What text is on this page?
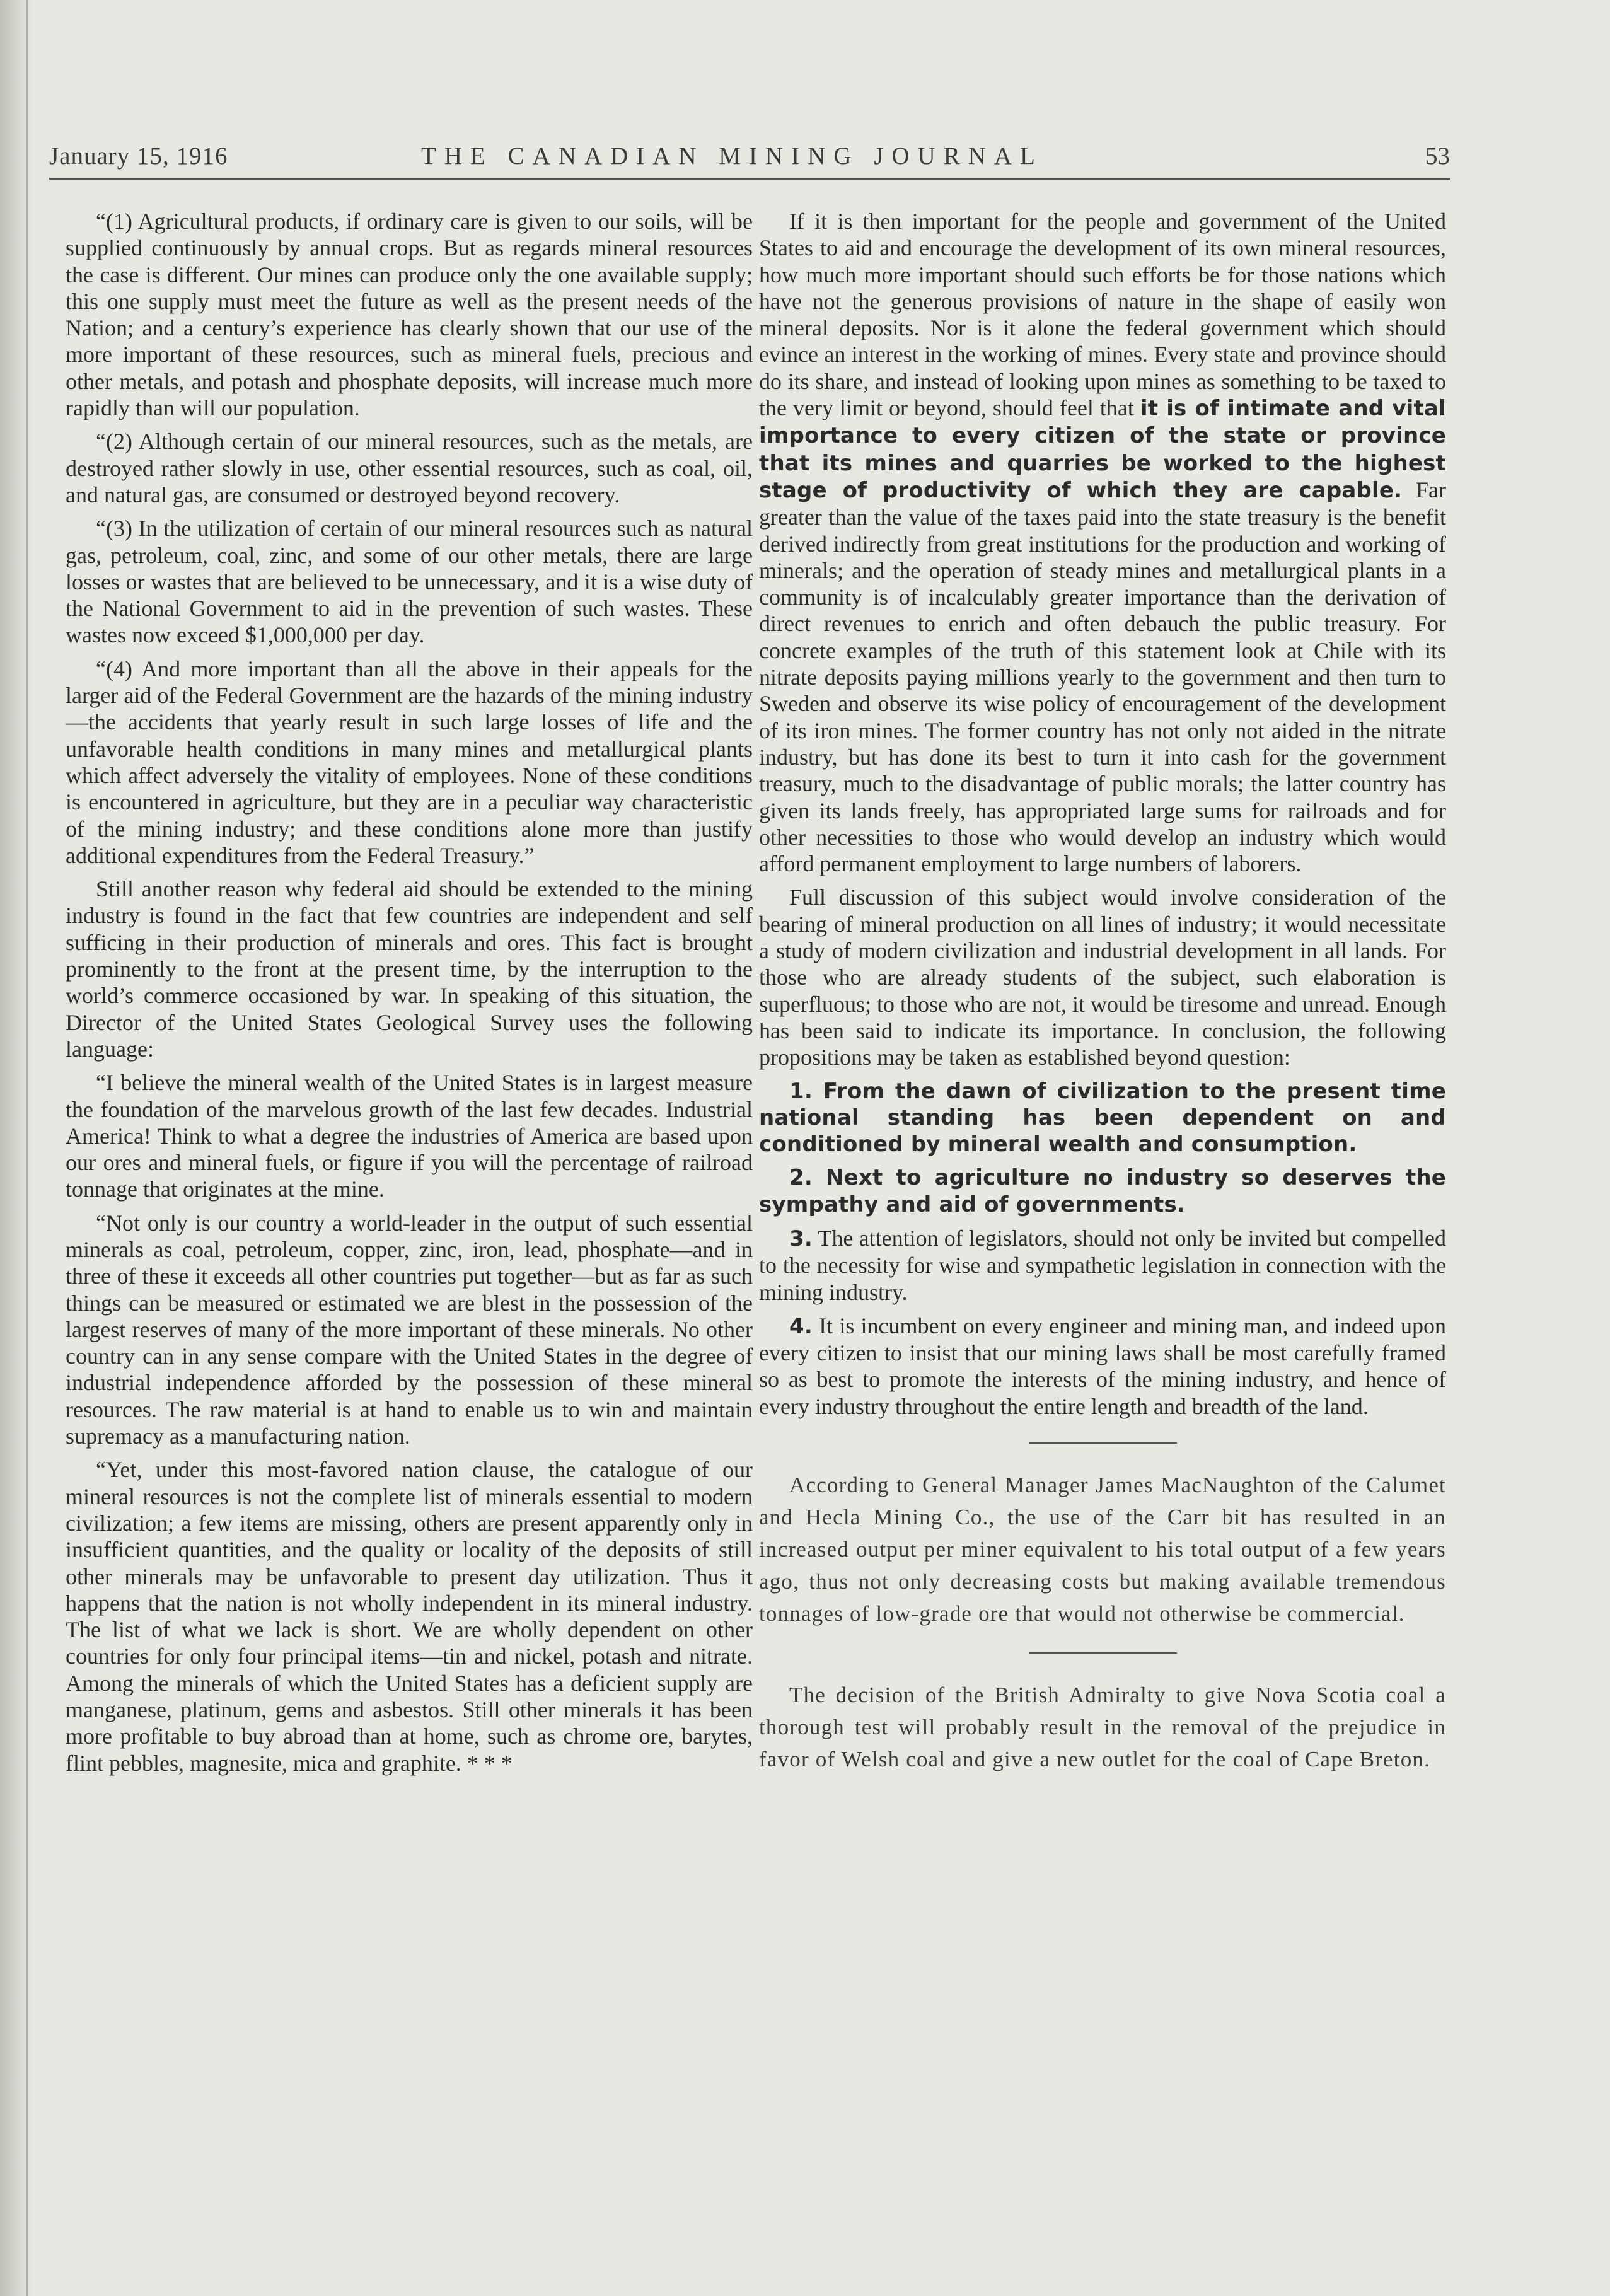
January 15, 1916	THE CANADIAN MINING JOURNAL	53

“(1) Agricultural products, if ordinary care is given to our soils, will be supplied continuously by annual crops. But as regards mineral resources the case is different. Our mines can produce only the one available supply; this one supply must meet the future as well as the present needs of the Nation; and a century’s experience has clearly shown that our use of the more important of these resources, such as mineral fuels, precious and other metals, and potash and phosphate deposits, will increase much more rapidly than will our population.

“(2) Although certain of our mineral resources, such as the metals, are destroyed rather slowly in use, other essential resources, such as coal, oil, and natural gas, are consumed or destroyed beyond recovery.

“(3) In the utilization of certain of our mineral resources such as natural gas, petroleum, coal, zinc, and some of our other metals, there are large losses or wastes that are believed to be unnecessary, and it is a wise duty of the National Government to aid in the prevention of such wastes. These wastes now exceed $1,000,000 per day.

“(4) And more important than all the above in their appeals for the larger aid of the Federal Government are the hazards of the mining industry—the accidents that yearly result in such large losses of life and the unfavorable health conditions in many mines and metallurgical plants which affect adversely the vitality of employees. None of these conditions is encountered in agriculture, but they are in a peculiar way characteristic of the mining industry; and these conditions alone more than justify additional expenditures from the Federal Treasury.”

Still another reason why federal aid should be extended to the mining industry is found in the fact that few countries are independent and self sufficing in their production of minerals and ores. This fact is brought prominently to the front at the present time, by the interruption to the world’s commerce occasioned by war. In speaking of this situation, the Director of the United States Geological Survey uses the following language:

“I believe the mineral wealth of the United States is in largest measure the foundation of the marvelous growth of the last few decades. Industrial America! Think to what a degree the industries of America are based upon our ores and mineral fuels, or figure if you will the percentage of railroad tonnage that originates at the mine.

“Not only is our country a world-leader in the output of such essential minerals as coal, petroleum, copper, zinc, iron, lead, phosphate—and in three of these it exceeds all other countries put together—but as far as such things can be measured or estimated we are blest in the possession of the largest reserves of many of the more important of these minerals. No other country can in any sense compare with the United States in the degree of industrial independence afforded by the possession of these mineral resources. The raw material is at hand to enable us to win and maintain supremacy as a manufacturing nation.

“Yet, under this most-favored nation clause, the catalogue of our mineral resources is not the complete list of minerals essential to modern civilization; a few items are missing, others are present apparently only in insufficient quantities, and the quality or locality of the deposits of still other minerals may be unfavorable to present day utilization. Thus it happens that the nation is not wholly independent in its mineral industry. The list of what we lack is short. We are wholly dependent on other countries for only four principal items—tin and nickel, potash and nitrate. Among the minerals of which the United States has a deficient supply are manganese, platinum, gems and asbestos. Still other minerals it has been more profitable to buy abroad than at home, such as chrome ore, barytes, flint pebbles, magnesite, mica and graphite. * * *

If it is then important for the people and government of the United States to aid and encourage the development of its own mineral resources, how much more important should such efforts be for those nations which have not the generous provisions of nature in the shape of easily won mineral deposits. Nor is it alone the federal government which should evince an interest in the working of mines. Every state and province should do its share, and instead of looking upon mines as something to be taxed to the very limit or beyond, should feel that it is of intimate and vital importance to every citizen of the state or province that its mines and quarries be worked to the highest stage of productivity of which they are capable. Far greater than the value of the taxes paid into the state treasury is the benefit derived indirectly from great institutions for the production and working of minerals; and the operation of steady mines and metallurgical plants in a community is of incalculably greater importance than the derivation of direct revenues to enrich and often debauch the public treasury. For concrete examples of the truth of this statement look at Chile with its nitrate deposits paying millions yearly to the government and then turn to Sweden and observe its wise policy of encouragement of the development of its iron mines. The former country has not only not aided in the nitrate industry, but has done its best to turn it into cash for the government treasury, much to the disadvantage of public morals; the latter country has given its lands freely, has appropriated large sums for railroads and for other necessities to those who would develop an industry which would afford permanent employment to large numbers of laborers.

Full discussion of this subject would involve consideration of the bearing of mineral production on all lines of industry; it would necessitate a study of modern civilization and industrial development in all lands. For those who are already students of the subject, such elaboration is superfluous; to those who are not, it would be tiresome and unread. Enough has been said to indicate its importance. In conclusion, the following propositions may be taken as established beyond question:

1. From the dawn of civilization to the present time national standing has been dependent on and conditioned by mineral wealth and consumption.

2. Next to agriculture no industry so deserves the sympathy and aid of governments.

3. The attention of legislators, should not only be invited but compelled to the necessity for wise and sympathetic legislation in connection with the mining industry.

4. It is incumbent on every engineer and mining man, and indeed upon every citizen to insist that our mining laws shall be most carefully framed so as best to promote the interests of the mining industry, and hence of every industry throughout the entire length and breadth of the land.

According to General Manager James MacNaughton of the Calumet and Hecla Mining Co., the use of the Carr bit has resulted in an increased output per miner equivalent to his total output of a few years ago, thus not only decreasing costs but making available tremendous tonnages of low-grade ore that would not otherwise be commercial.

The decision of the British Admiralty to give Nova Scotia coal a thorough test will probably result in the removal of the prejudice in favor of Welsh coal and give a new outlet for the coal of Cape Breton.
